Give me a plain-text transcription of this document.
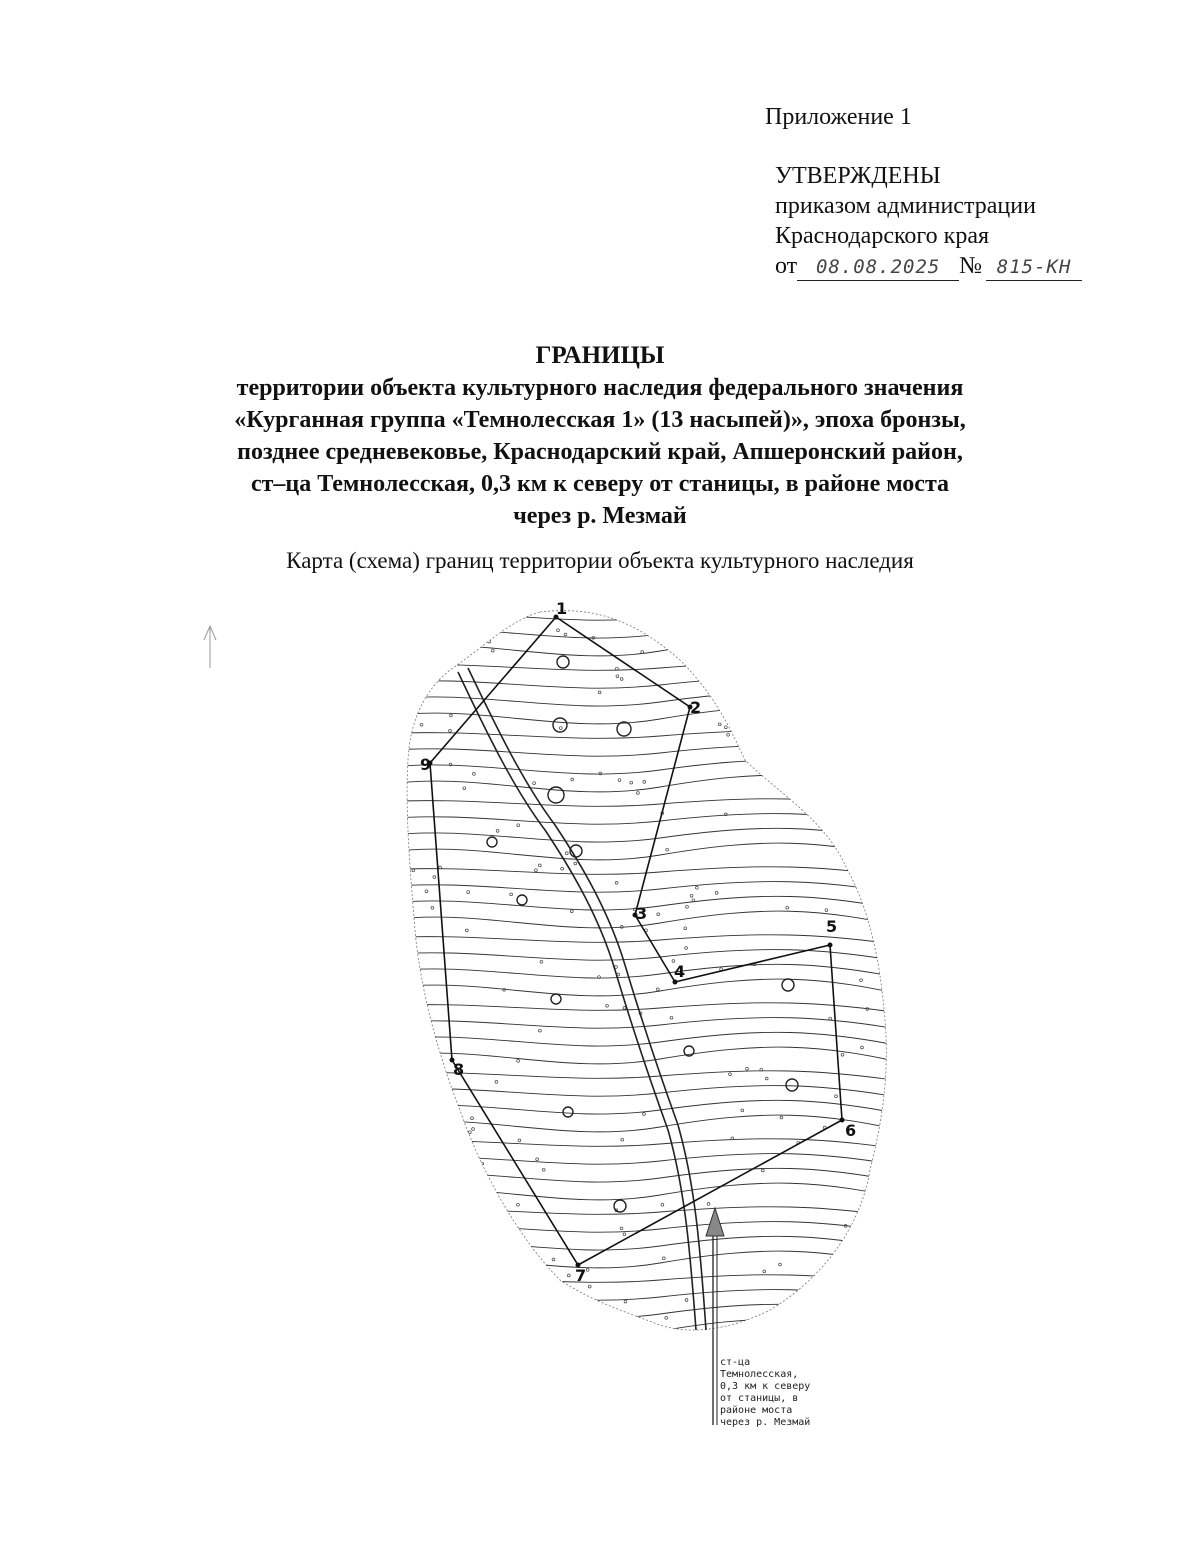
Приложение 1
УТВЕРЖДЕНЫ
приказом администрации
Краснодарского края
от 08.08.2025 № 815-КН
ГРАНИЦЫ
территории объекта культурного наследия федерального значения
«Курганная группа «Темнолесская 1» (13 насыпей)», эпоха бронзы,
позднее средневековье, Краснодарский край, Апшеронский район,
ст–ца Темнолесская, 0,3 км к северу от станицы, в районе моста
через р. Мезмай
Карта (схема) границ территории объекта культурного наследия
1
2
3
4
5
6
7
8
9
ст-ца
Темнолесская,
0,3 км к северу
от станицы, в
районе моста
через р. Мезмай
